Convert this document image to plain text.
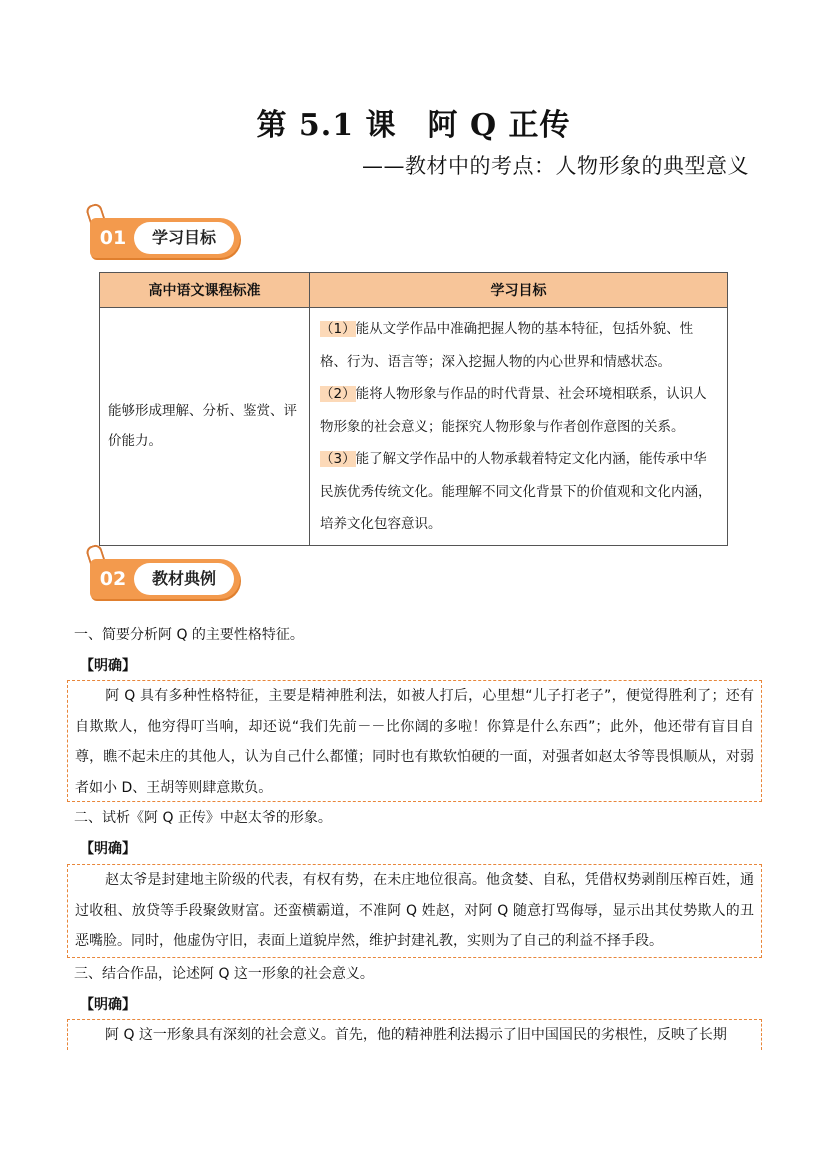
第 5.1 课　阿 Q 正传
——教材中的考点：人物形象的典型意义
01	学习目标
高中语文课程标准	学习目标
能够形成理解、分析、鉴赏、评价能力。	（1）能从文学作品中准确把握人物的基本特征，包括外貌、性格、行为、语言等；深入挖掘人物的内心世界和情感状态。
（2）能将人物形象与作品的时代背景、社会环境相联系，认识人物形象的社会意义；能探究人物形象与作者创作意图的关系。
（3）能了解文学作品中的人物承载着特定文化内涵，能传承中华民族优秀传统文化。能理解不同文化背景下的价值观和文化内涵，培养文化包容意识。
02	教材典例
一、简要分析阿 Q 的主要性格特征。
【明确】
阿 Q 具有多种性格特征，主要是精神胜利法，如被人打后，心里想“儿子打老子”，便觉得胜利了；还有自欺欺人，他穷得叮当响，却还说“我们先前－－比你阔的多啦！你算是什么东西”；此外，他还带有盲目自尊，瞧不起未庄的其他人，认为自己什么都懂；同时也有欺软怕硬的一面，对强者如赵太爷等畏惧顺从，对弱者如小 D、王胡等则肆意欺负。
二、试析《阿 Q 正传》中赵太爷的形象。
【明确】
赵太爷是封建地主阶级的代表，有权有势，在未庄地位很高。他贪婪、自私，凭借权势剥削压榨百姓，通过收租、放贷等手段聚敛财富。还蛮横霸道，不准阿 Q 姓赵，对阿 Q 随意打骂侮辱，显示出其仗势欺人的丑恶嘴脸。同时，他虚伪守旧，表面上道貌岸然，维护封建礼教，实则为了自己的利益不择手段。
三、结合作品，论述阿 Q 这一形象的社会意义。
【明确】
阿 Q 这一形象具有深刻的社会意义。首先，他的精神胜利法揭示了旧中国国民的劣根性，反映了长期
